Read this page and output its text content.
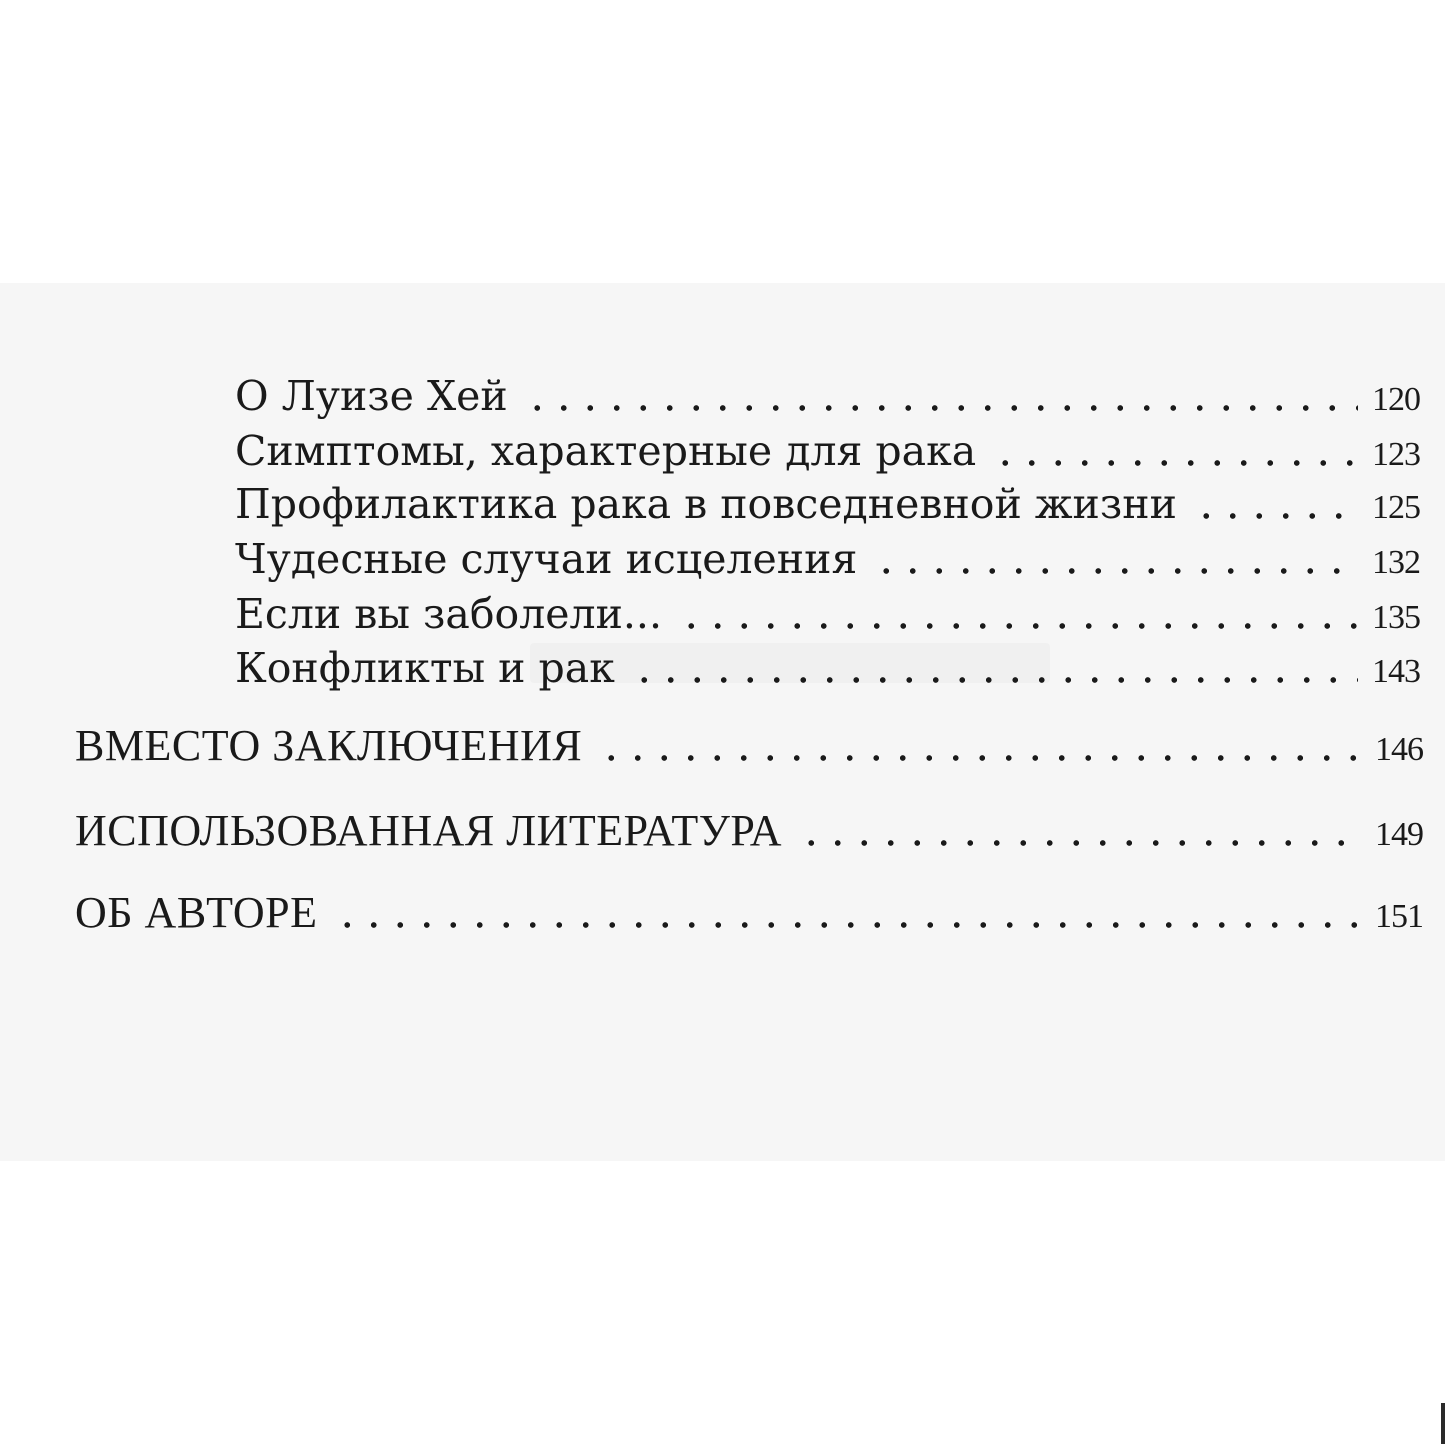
О Луизе Хей	120
Симптомы, характерные для рака	123
Профилактика рака в повседневной жизни	125
Чудесные случаи исцеления	132
Если вы заболели...	135
Конфликты и рак	143
ВМЕСТО ЗАКЛЮЧЕНИЯ	146
ИСПОЛЬЗОВАННАЯ ЛИТЕРАТУРА	149
ОБ АВТОРЕ	151
